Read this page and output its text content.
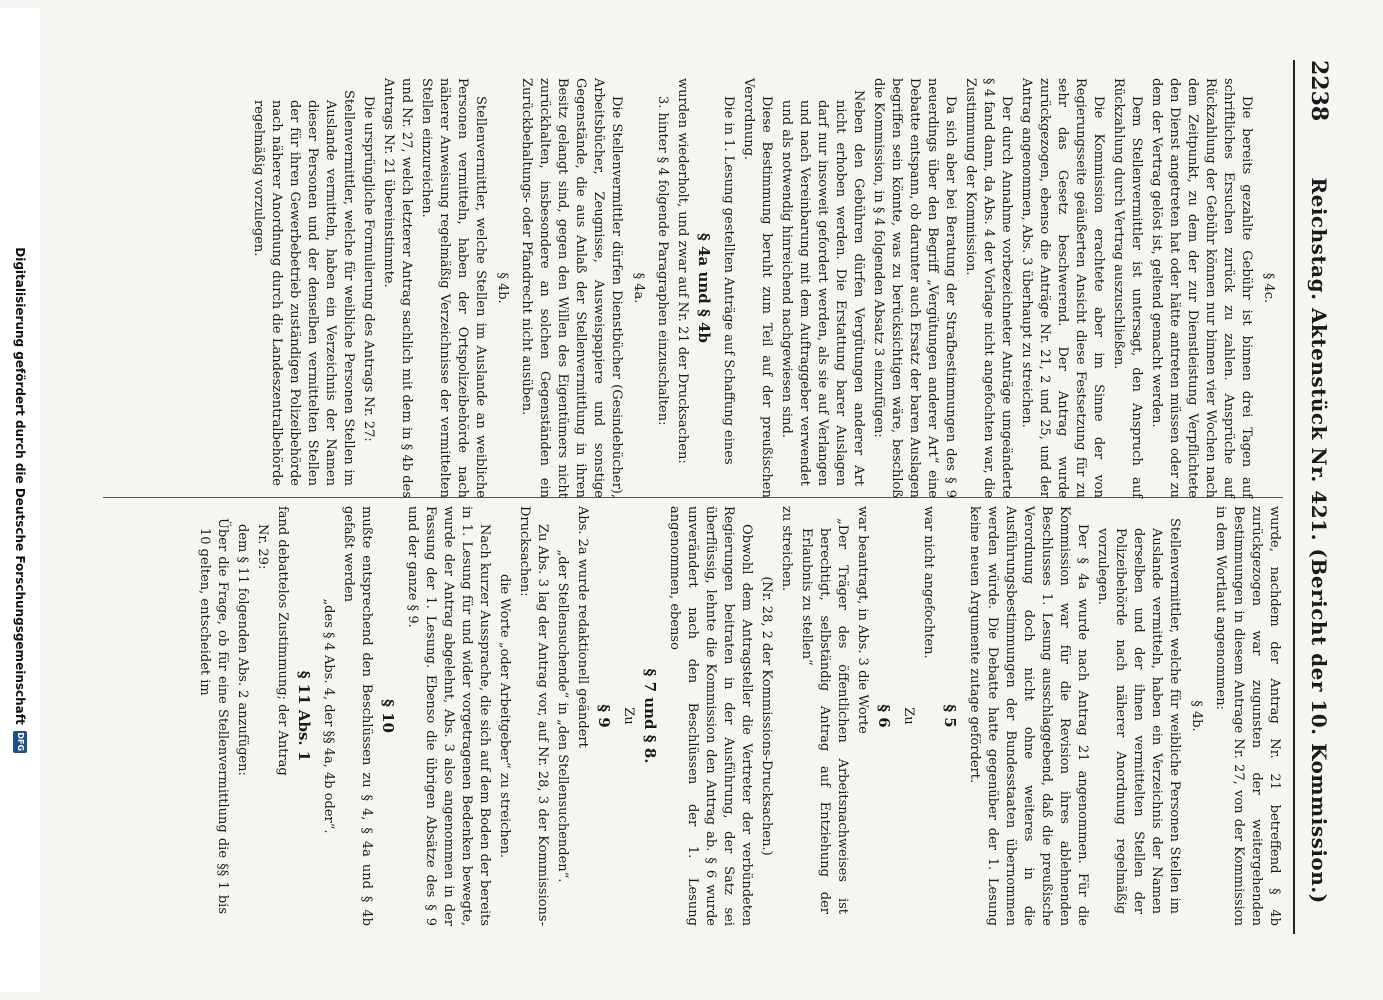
2238
Reichstag. Aktenstück Nr. 421. (Bericht der 10. Kommission.)
§ 4c.

Die bereits gezahlte Gebühr ist binnen drei Tagen auf schriftliches Ersuchen zurück zu zahlen. Ansprüche auf Rückzahlung der Gebühr können nur binnen vier Wochen nach dem Zeitpunkt, zu dem der zur Dienstleistung Verpflichtete den Dienst angetreten hat oder hätte antreten müssen oder zu dem der Vertrag gelöst ist, geltend gemacht werden.

Dem Stellenvermittler ist untersagt, den Anspruch auf Rückzahlung durch Vertrag auszuschließen.

Die Kommission erachtete aber im Sinne der von Regierungsseite geäußerten Ansicht diese Festsetzung für zu sehr das Gesetz beschwerend. Der Antrag wurde zurückgezogen, ebenso die Anträge Nr. 21, 2 und 25, und der Antrag angenommen, Abs. 3 überhaupt zu streichen.

Der durch Annahme vorbezeichneter Anträge umgeänderte § 4 fand dann, da Abs. 4 der Vorlage nicht angefochten war, die Zustimmung der Kommission.

Da sich aber bei Beratung der Strafbestimmungen des § 9 neuerdings über den Begriff „Vergütungen anderer Art“ eine Debatte entspann, ob darunter auch Ersatz der baren Auslagen begriffen sein könnte, was zu berücksichtigen wäre, beschloß die Kommission, in § 4 folgenden Absatz 3 einzufügen:

Neben den Gebühren dürfen Vergütungen anderer Art nicht erhoben werden. Die Erstattung barer Auslagen darf nur insoweit gefordert werden, als sie auf Verlangen und nach Vereinbarung mit dem Auftraggeber verwendet und als notwendig hinreichend nachgewiesen sind.

Diese Bestimmung beruht zum Teil auf der preußischen Verordnung.

Die in 1. Lesung gestellten Anträge auf Schaffung eines

§ 4a und § 4b

wurden wiederholt, und zwar auf Nr. 21 der Drucksachen:

3. hinter § 4 folgende Paragraphen einzuschalten:

§ 4a.

Die Stellenvermittler dürfen Dienstbücher (Gesindebücher), Arbeitsbücher, Zeugnisse, Ausweispapiere und sonstige Gegenstände, die aus Anlaß der Stellenvermittlung in ihren Besitz gelangt sind, gegen den Willen des Eigentümers nicht zurückhalten, insbesondere an solchen Gegenständen ein Zurückbehaltungs- oder Pfandrecht nicht ausüben.

§ 4b.

Stellenvermittler, welche Stellen im Auslande an weibliche Personen vermitteln, haben der Ortspolizeibehörde nach näherer Anweisung regelmäßig Verzeichnisse der vermittelten Stellen einzureichen.

und Nr. 27, welch letzterer Antrag sachlich mit dem in § 4b des Antrags Nr. 21 übereinstimmte.

Die ursprüngliche Formulierung des Antrags Nr. 27:

Stellenvermittler, welche für weibliche Personen Stellen im Auslande vermitteln, haben ein Verzeichnis der Namen dieser Personen und der denselben vermittelten Stellen der für ihren Gewerbebetrieb zuständigen Polizeibehörde nach näherer Anordnung durch die Landeszentralbehörde regelmäßig vorzulegen.

wurde, nachdem der Antrag Nr. 21 betreffend § 4b zurückgezogen war zugunsten der weitergehenden Bestimmungen in diesem Antrage Nr. 27, von der Kommission in dem Wortlaut angenommen:

§ 4b.

Stellenvermittler, welche für weibliche Personen Stellen im Auslande vermitteln, haben ein Verzeichnis der Namen derselben und der ihnen vermittelten Stellen der Polizeibehörde nach näherer Anordnung regelmäßig vorzulegen.

Der § 4a wurde nach Antrag 21 angenommen. Für die Kommission war für die Revision ihres ablehnenden Beschlusses 1. Lesung ausschlaggebend, daß die preußische Verordnung doch nicht ohne weiteres in die Ausführungsbestimmungen der Bundesstaaten übernommen werden würde. Die Debatte hatte gegenüber der 1. Lesung keine neuen Argumente zutage gefördert.

§ 5

war nicht angefochten.

Zu

§ 6

war beantragt, in Abs. 3 die Worte

„Der Träger des öffentlichen Arbeitsnachweises ist berechtigt, selbständig Antrag auf Entziehung der Erlaubnis zu stellen“

zu streichen.

(Nr. 28, 2 der Kommissions-Drucksachen.)

Obwohl dem Antragsteller die Vertreter der verbündeten Regierungen beitraten in der Ausführung, der Satz sei überflüssig, lehnte die Kommission den Antrag ab. § 6 wurde unverändert nach den Beschlüssen der 1. Lesung angenommen, ebenso

§ 7 und § 8.

Zu

§ 9

Abs. 2a wurde redaktionell geändert

„der Stellensuchende“ in „den Stellensuchenden“.

Zu Abs. 3 lag der Antrag vor, auf Nr. 28, 3 der Kommissions-Drucksachen:

die Worte „oder Arbeitgeber“ zu streichen.

Nach kurzer Aussprache, die sich auf dem Boden der bereits in 1. Lesung für und wider vorgetragenen Bedenken bewegte, wurde der Antrag abgelehnt, Abs. 3 also angenommen in der Fassung der 1. Lesung. Ebenso die übrigen Absätze des § 9 und der ganze § 9.

§ 10

mußte entsprechend den Beschlüssen zu § 4, § 4a und § 4b gefaßt werden

„des § 4 Abs. 4, der §§ 4a, 4b oder“.

§ 11 Abs. 1

fand debattelos Zustimmung; der Antrag

Nr. 29:

dem § 11 folgenden Abs. 2 anzufügen:

Über die Frage, ob für eine Stellenvermittlung die §§ 1 bis 10 gelten, entscheidet im

Digitalisierung gefördert durch die Deutsche Forschungsgemeinschaft
DFG
